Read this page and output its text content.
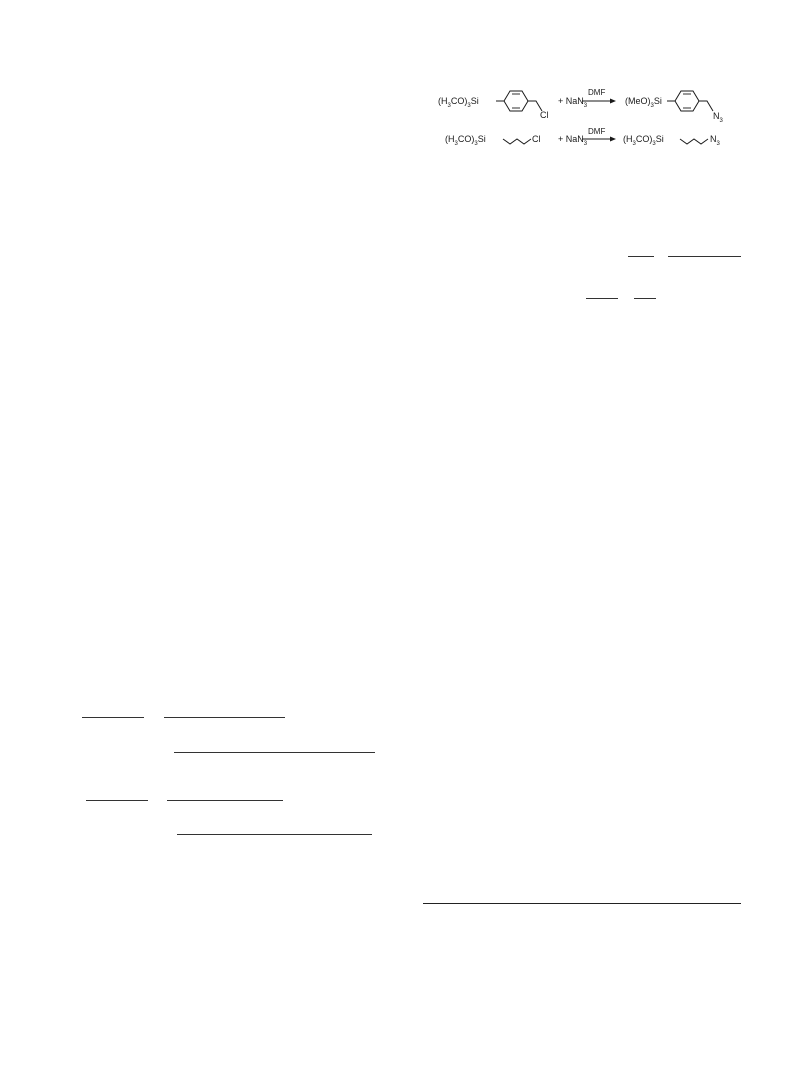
$(H_3CO)_3Si$
Cl
+ NaN$_3$
DMF
$(MeO)_3Si$
$N_3$
$(H_3CO)_3Si$	Cl + NaN$_3$
DMF
$(H_3CO)_3Si$	$N_3$
